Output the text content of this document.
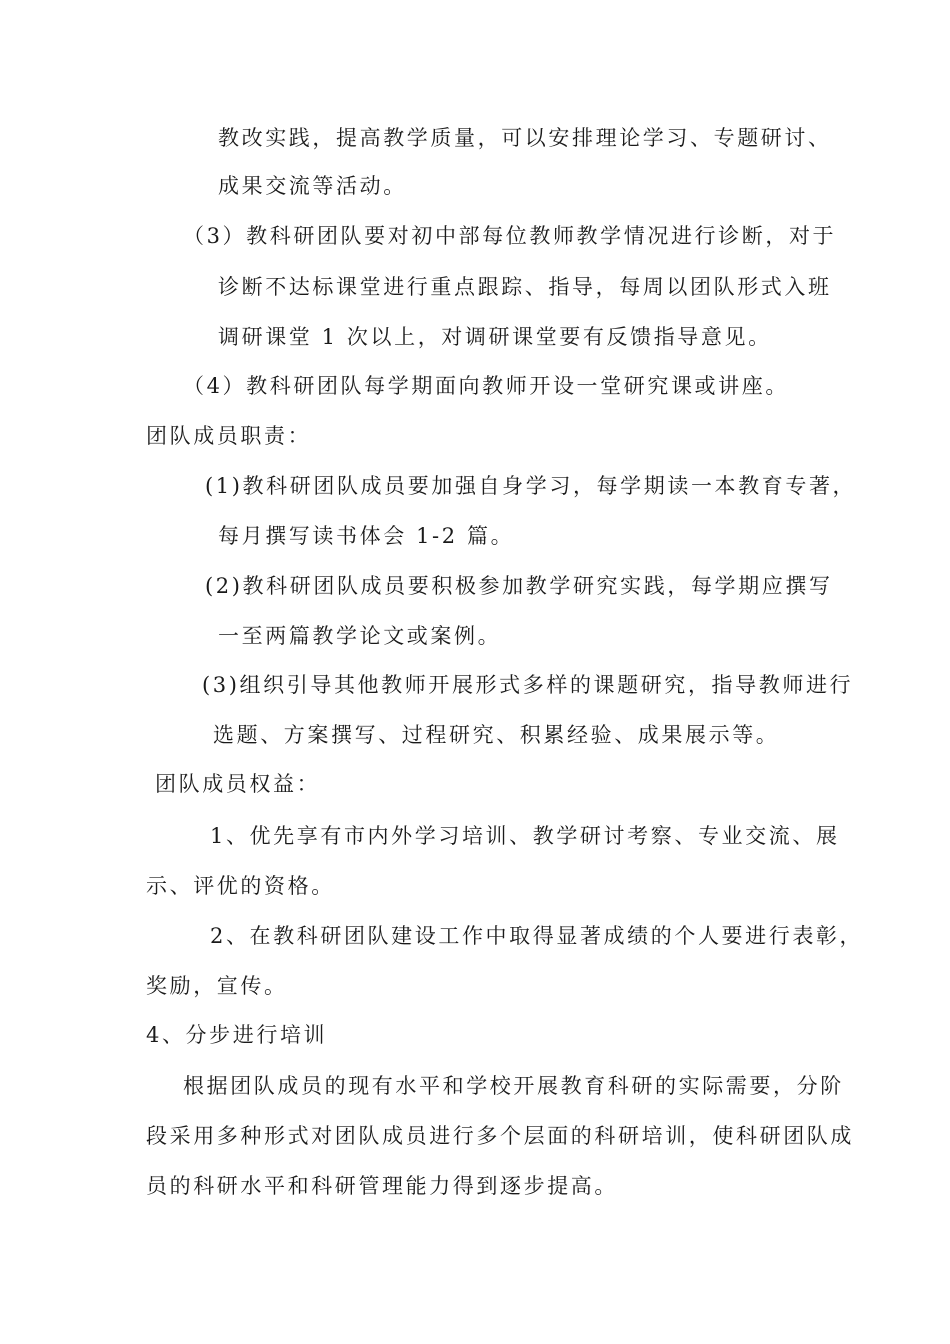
教改实践，提高教学质量，可以安排理论学习、专题研讨、
成果交流等活动。
（3）教科研团队要对初中部每位教师教学情况进行诊断，对于
诊断不达标课堂进行重点跟踪、指导，每周以团队形式入班
调研课堂 1 次以上，对调研课堂要有反馈指导意见。
（4）教科研团队每学期面向教师开设一堂研究课或讲座。
团队成员职责：
(1)教科研团队成员要加强自身学习，每学期读一本教育专著，
每月撰写读书体会 1-2 篇。
(2)教科研团队成员要积极参加教学研究实践，每学期应撰写
一至两篇教学论文或案例。
(3)组织引导其他教师开展形式多样的课题研究，指导教师进行
选题、方案撰写、过程研究、积累经验、成果展示等。
团队成员权益：
1、优先享有市内外学习培训、教学研讨考察、专业交流、展
示、评优的资格。
2、在教科研团队建设工作中取得显著成绩的个人要进行表彰，
奖励，宣传。
4、分步进行培训
根据团队成员的现有水平和学校开展教育科研的实际需要，分阶
段采用多种形式对团队成员进行多个层面的科研培训，使科研团队成
员的科研水平和科研管理能力得到逐步提高。
